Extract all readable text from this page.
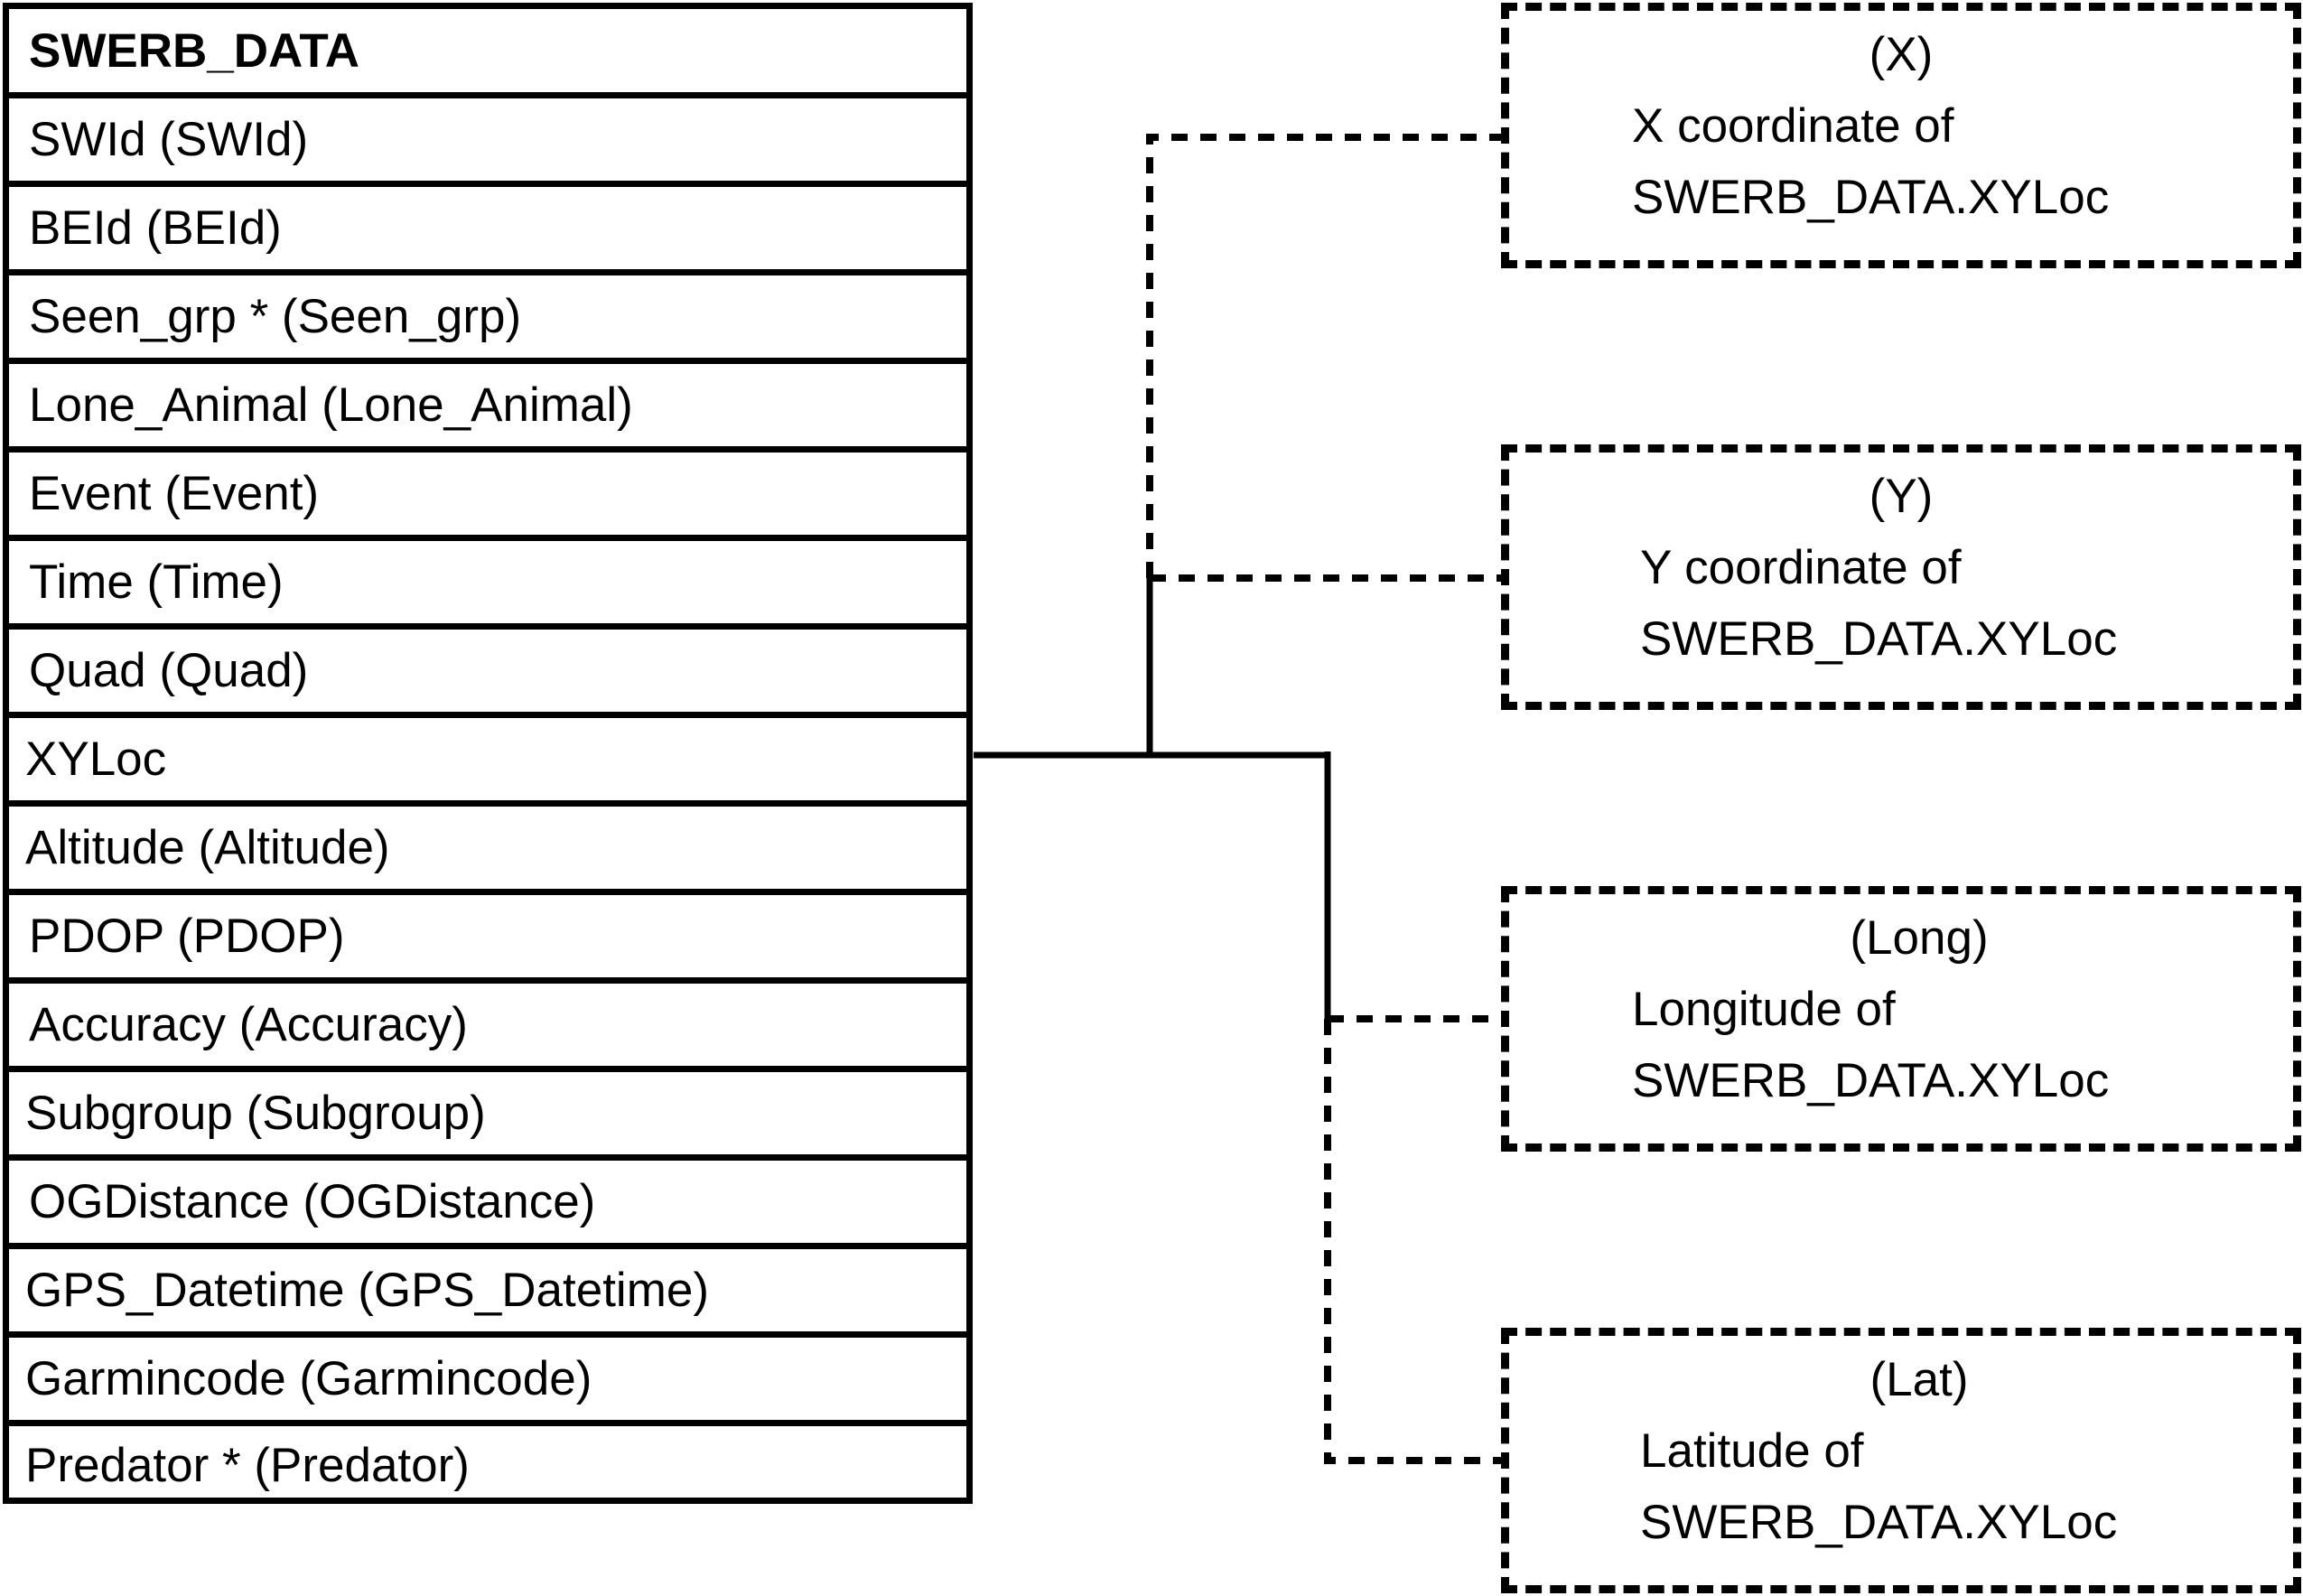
SWERB_DATA
SWId (SWId)
BEId (BEId)
Seen_grp * (Seen_grp)
Lone_Animal (Lone_Animal)
Event (Event)
Time (Time)
Quad (Quad)
XYLoc
Altitude (Altitude)
PDOP (PDOP)
Accuracy (Accuracy)
Subgroup (Subgroup)
OGDistance (OGDistance)
GPS_Datetime (GPS_Datetime)
Garmincode (Garmincode)
Predator * (Predator)
(X)
X coordinate of
SWERB_DATA.XYLoc
(Y)
Y coordinate of
SWERB_DATA.XYLoc
(Long)
Longitude of
SWERB_DATA.XYLoc
(Lat)
Latitude of
SWERB_DATA.XYLoc
